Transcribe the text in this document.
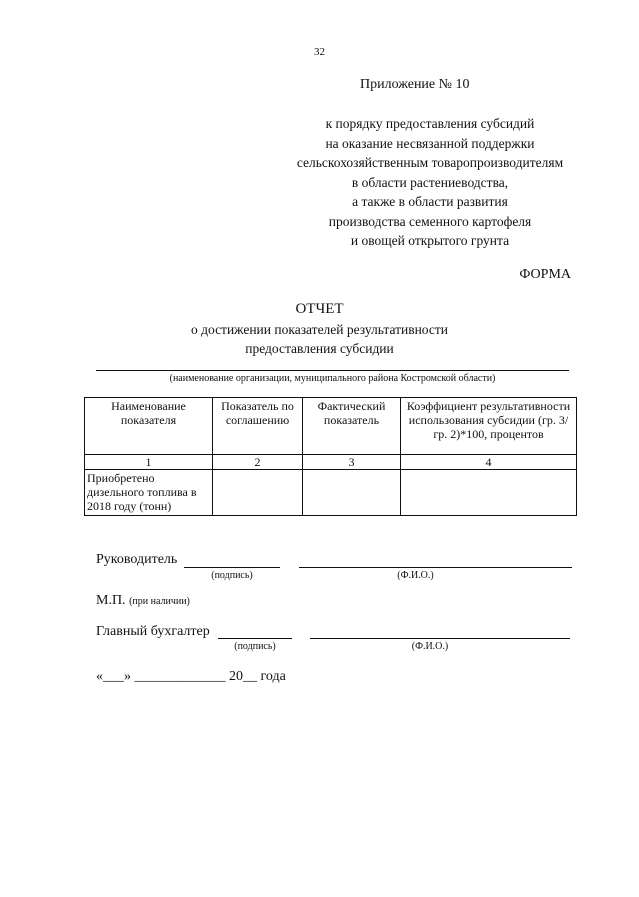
32
Приложение № 10
к порядку предоставления субсидий
на оказание несвязанной поддержки
сельскохозяйственным товаропроизводителям
в области растениеводства,
а также в области развития
производства семенного картофеля
и овощей открытого грунта
ФОРМА
ОТЧЕТ
о достижении показателей результативности
предоставления субсидии
(наименование организации, муниципального района Костромской области)
Наименование показателя	Показатель по соглашению	Фактический показатель	Коэффициент результативности использования субсидии (гр. 3/гр. 2)*100, процентов
1	2	3	4
Приобретено дизельного топлива в 2018 году (тонн)			
Руководитель
(подпись)	(Ф.И.О.)
М.П. (при наличии)
Главный бухгалтер
(подпись)	(Ф.И.О.)
«___» _____________ 20__ года
